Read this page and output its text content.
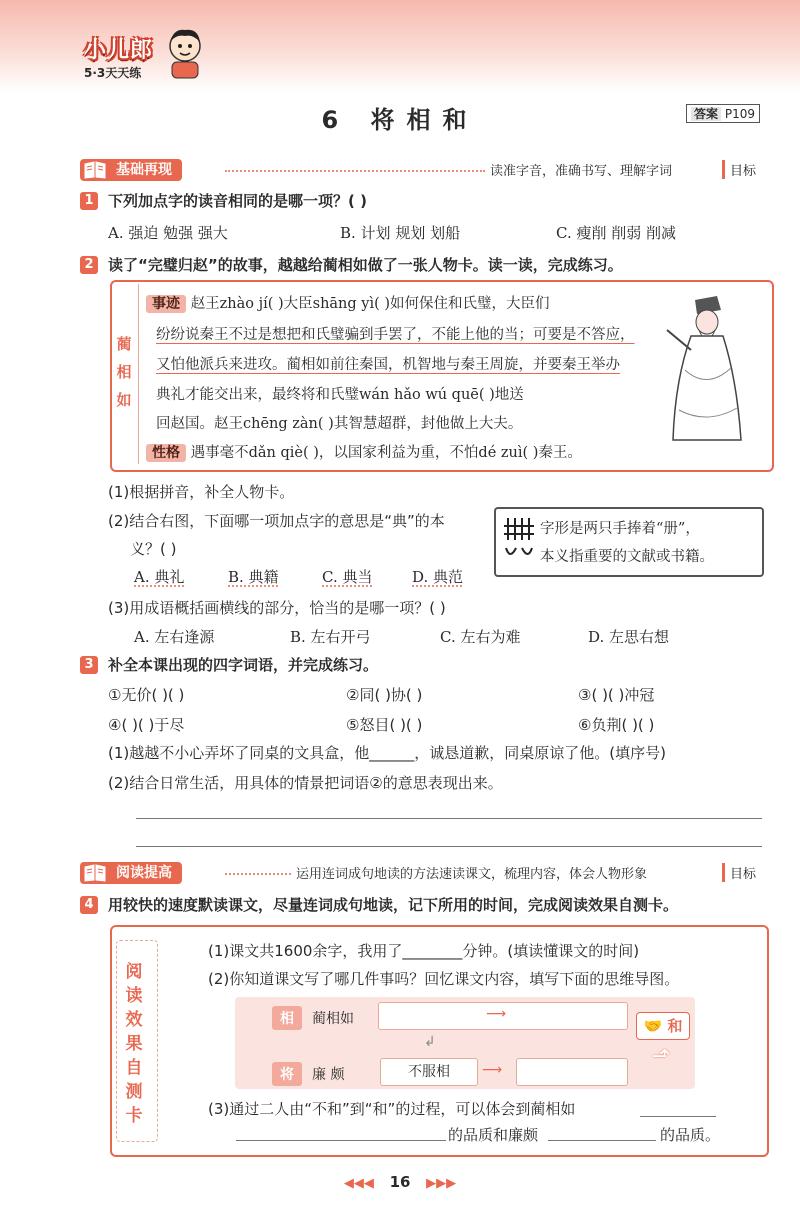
小儿郎
5·3天天练
6 将相和	答案 P109
基础再现	读准字音，准确书写、理解字词	目标
1 下列加点字的读音相同的是哪一项？( )
A. 强迫 勉强 强大	B. 计划 规划 划船	C. 瘦削 削弱 削减
2 读了“完璧归赵”的故事，越越给蔺相如做了一张人物卡。读一读，完成练习。
蔺
相
如
事迹 赵王zhào jí( )大臣shāng yì( )如何保住和氏璧，大臣们
纷纷说秦王不过是想把和氏璧骗到手罢了，不能上他的当；可要是不答应，
又怕他派兵来进攻。蔺相如前往秦国，机智地与秦王周旋，并要秦王举办
典礼才能交出来，最终将和氏璧wán hǎo wú quē( )地送
回赵国。赵王chēng zàn( )其智慧超群，封他做上大夫。
性格 遇事毫不dǎn qiè( )，以国家利益为重，不怕dé zuì( )秦王。
(1)根据拼音，补全人物卡。
(2)结合右图，下面哪一项加点字的意思是“典”的本
义？( )
A. 典礼	B. 典籍	C. 典当	D. 典范
字形是两只手捧着“册”，
本义指重要的文献或书籍。
(3)用成语概括画横线的部分，恰当的是哪一项？( )
A. 左右逢源	B. 左右开弓	C. 左右为难	D. 左思右想
3 补全本课出现的四字词语，并完成练习。
①无价( )( )	②同( )协( )	③( )( )冲冠
④( )( )于尽	⑤怒目( )( )	⑥负荆( )( )
(1)越越不小心弄坏了同桌的文具盒，他______，诚恳道歉，同桌原谅了他。(填序号)
(2)结合日常生活，用具体的情景把词语②的意思表现出来。
阅读提高	运用连词成句地读的方法速读课文，梳理内容，体会人物形象	目标
4 用较快的速度默读课文，尽量连词成句地读，记下所用的时间，完成阅读效果自测卡。
阅
读
效
果
自
测
卡
(1)课文共1600余字，我用了________分钟。(填读懂课文的时间)
(2)你知道课文写了哪几件事吗？回忆课文内容，填写下面的思维导图。
相	蔺相如	⟶
将	廉 颇	不服相	⟶
↲
🤝 和
⬏
(3)通过二人由“不和”到“和”的过程，可以体会到蔺相如
的品质和廉颇	的品质。
◀◀◀ 16 ▶▶▶
